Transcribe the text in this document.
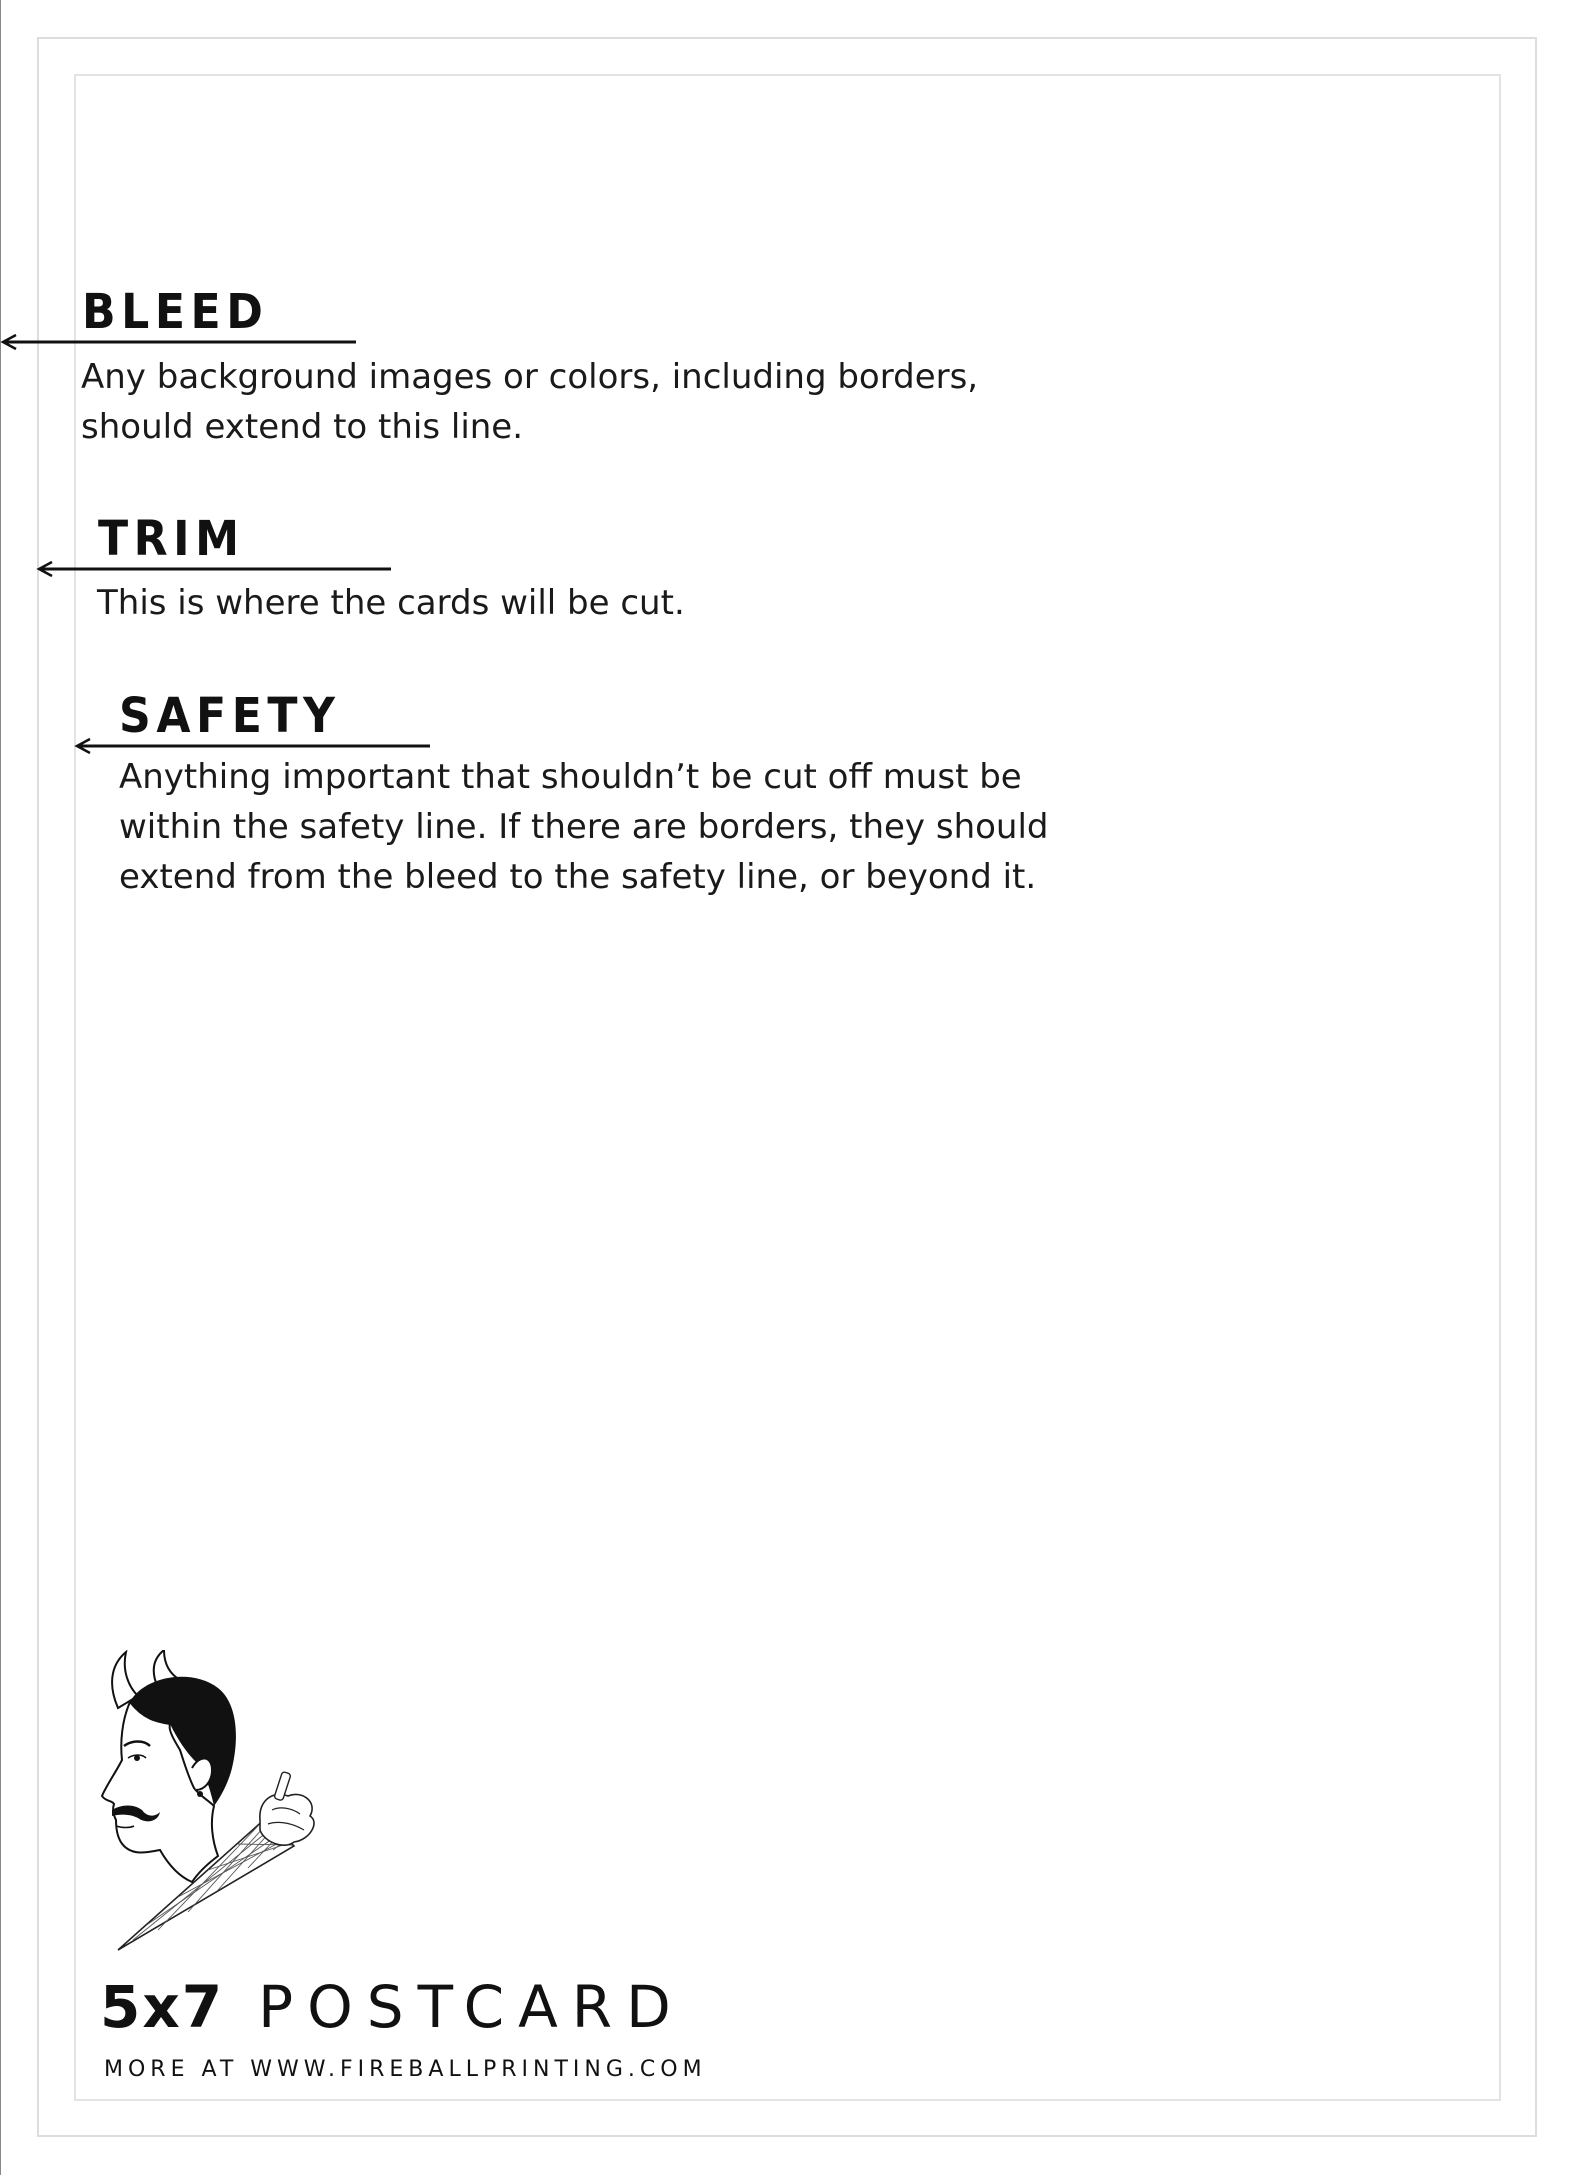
BLEED

Any background images or colors, including borders,
should extend to this line.

TRIM

This is where the cards will be cut.

SAFETY

Anything important that shouldn’t be cut off must be
within the safety line. If there are borders, they should
extend from the bleed to the safety line, or beyond it.

5x7 POSTCARD

MORE AT WWW.FIREBALLPRINTING.COM
